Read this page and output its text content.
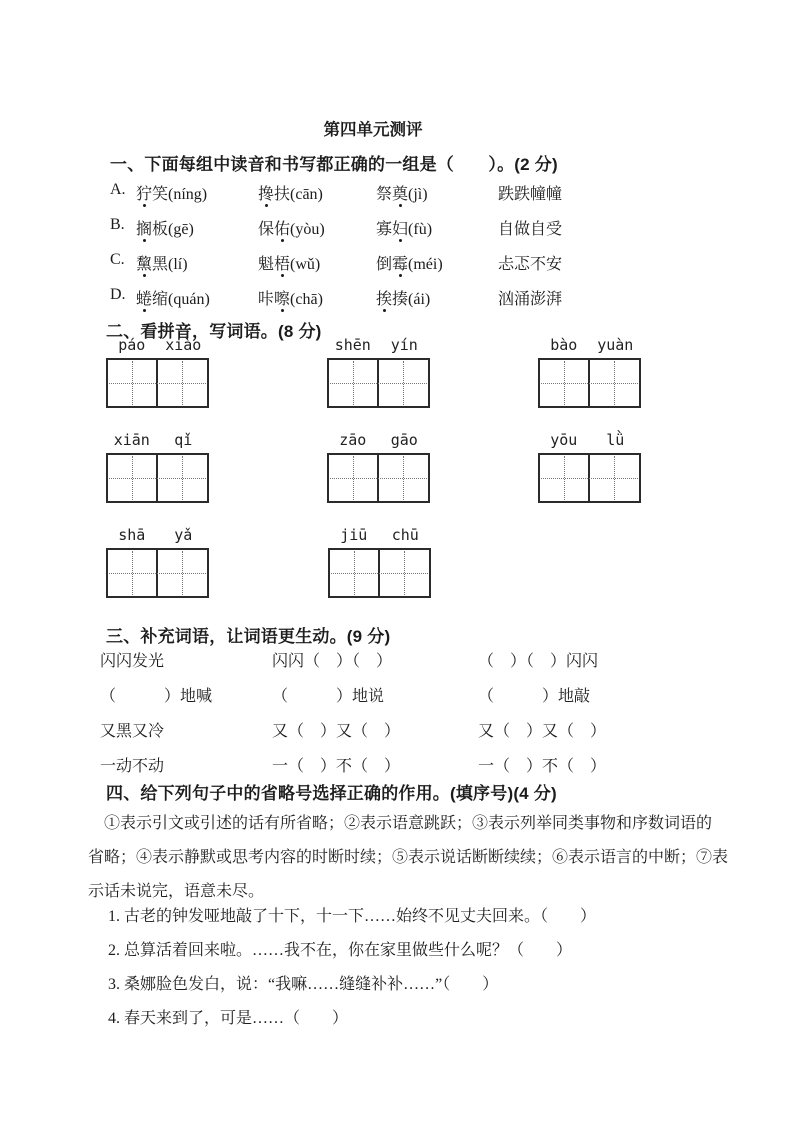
第四单元测评
一、下面每组中读音和书写都正确的一组是（　　）。(2 分)
A. 狞笑(níng)	搀扶(cān)	祭奠(jì)	跌跌幢幢
B. 搁板(gē)	保佑(yòu)	寡妇(fù)	自做自受
C. 黧黑(lí)	魁梧(wǔ)	倒霉(méi)	忐忑不安
D. 蜷缩(quán)	咔嚓(chā)	挨揍(ái)	汹涌澎湃
二、看拼音，写词语。(8 分)
páo	xiào	shēn	yín	bào	yuàn
xiān	qǐ	zāo	gāo	yōu	lǜ
shā	yǎ	jiū	chū
三、补充词语，让词语更生动。(9 分)
闪闪发光	闪闪（　）（　）	（　）（　）闪闪
（　　　）地喊	（　　　）地说	（　　　）地敲
又黑又冷	又（　）又（　）	又（　）又（　）
一动不动	一（　）不（　）	一（　）不（　）
四、给下列句子中的省略号选择正确的作用。(填序号)(4 分)
①表示引文或引述的话有所省略；②表示语意跳跃；③表示列举同类事物和序数词语的
省略；④表示静默或思考内容的时断时续；⑤表示说话断断续续；⑥表示语言的中断；⑦表
示话未说完，语意未尽。
1. 古老的钟发哑地敲了十下，十一下……始终不见丈夫回来。（　　）
2. 总算活着回来啦。……我不在，你在家里做些什么呢？（　　）
3. 桑娜脸色发白，说：“我嘛……缝缝补补……”（　　）
4. 春天来到了，可是……（　　）
